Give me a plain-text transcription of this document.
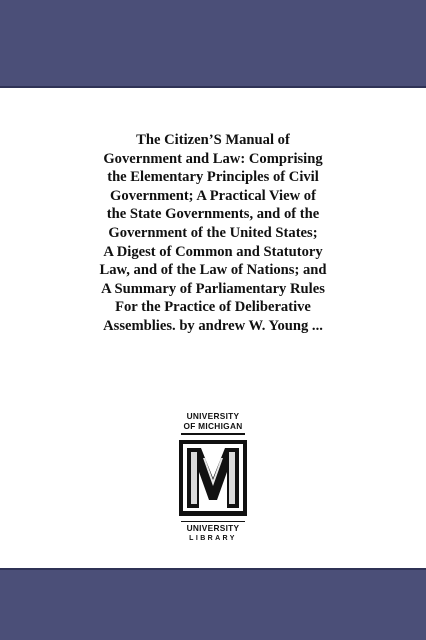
The Citizen’S Manual of
Government and Law: Comprising
the Elementary Principles of Civil
Government; A Practical View of
the State Governments, and of the
Government of the United States;
A Digest of Common and Statutory
Law, and of the Law of Nations; and
A Summary of Parliamentary Rules
For the Practice of Deliberative
Assemblies. by andrew W. Young ...
UNIVERSITY
OF MICHIGAN
UNIVERSITY
LIBRARY
